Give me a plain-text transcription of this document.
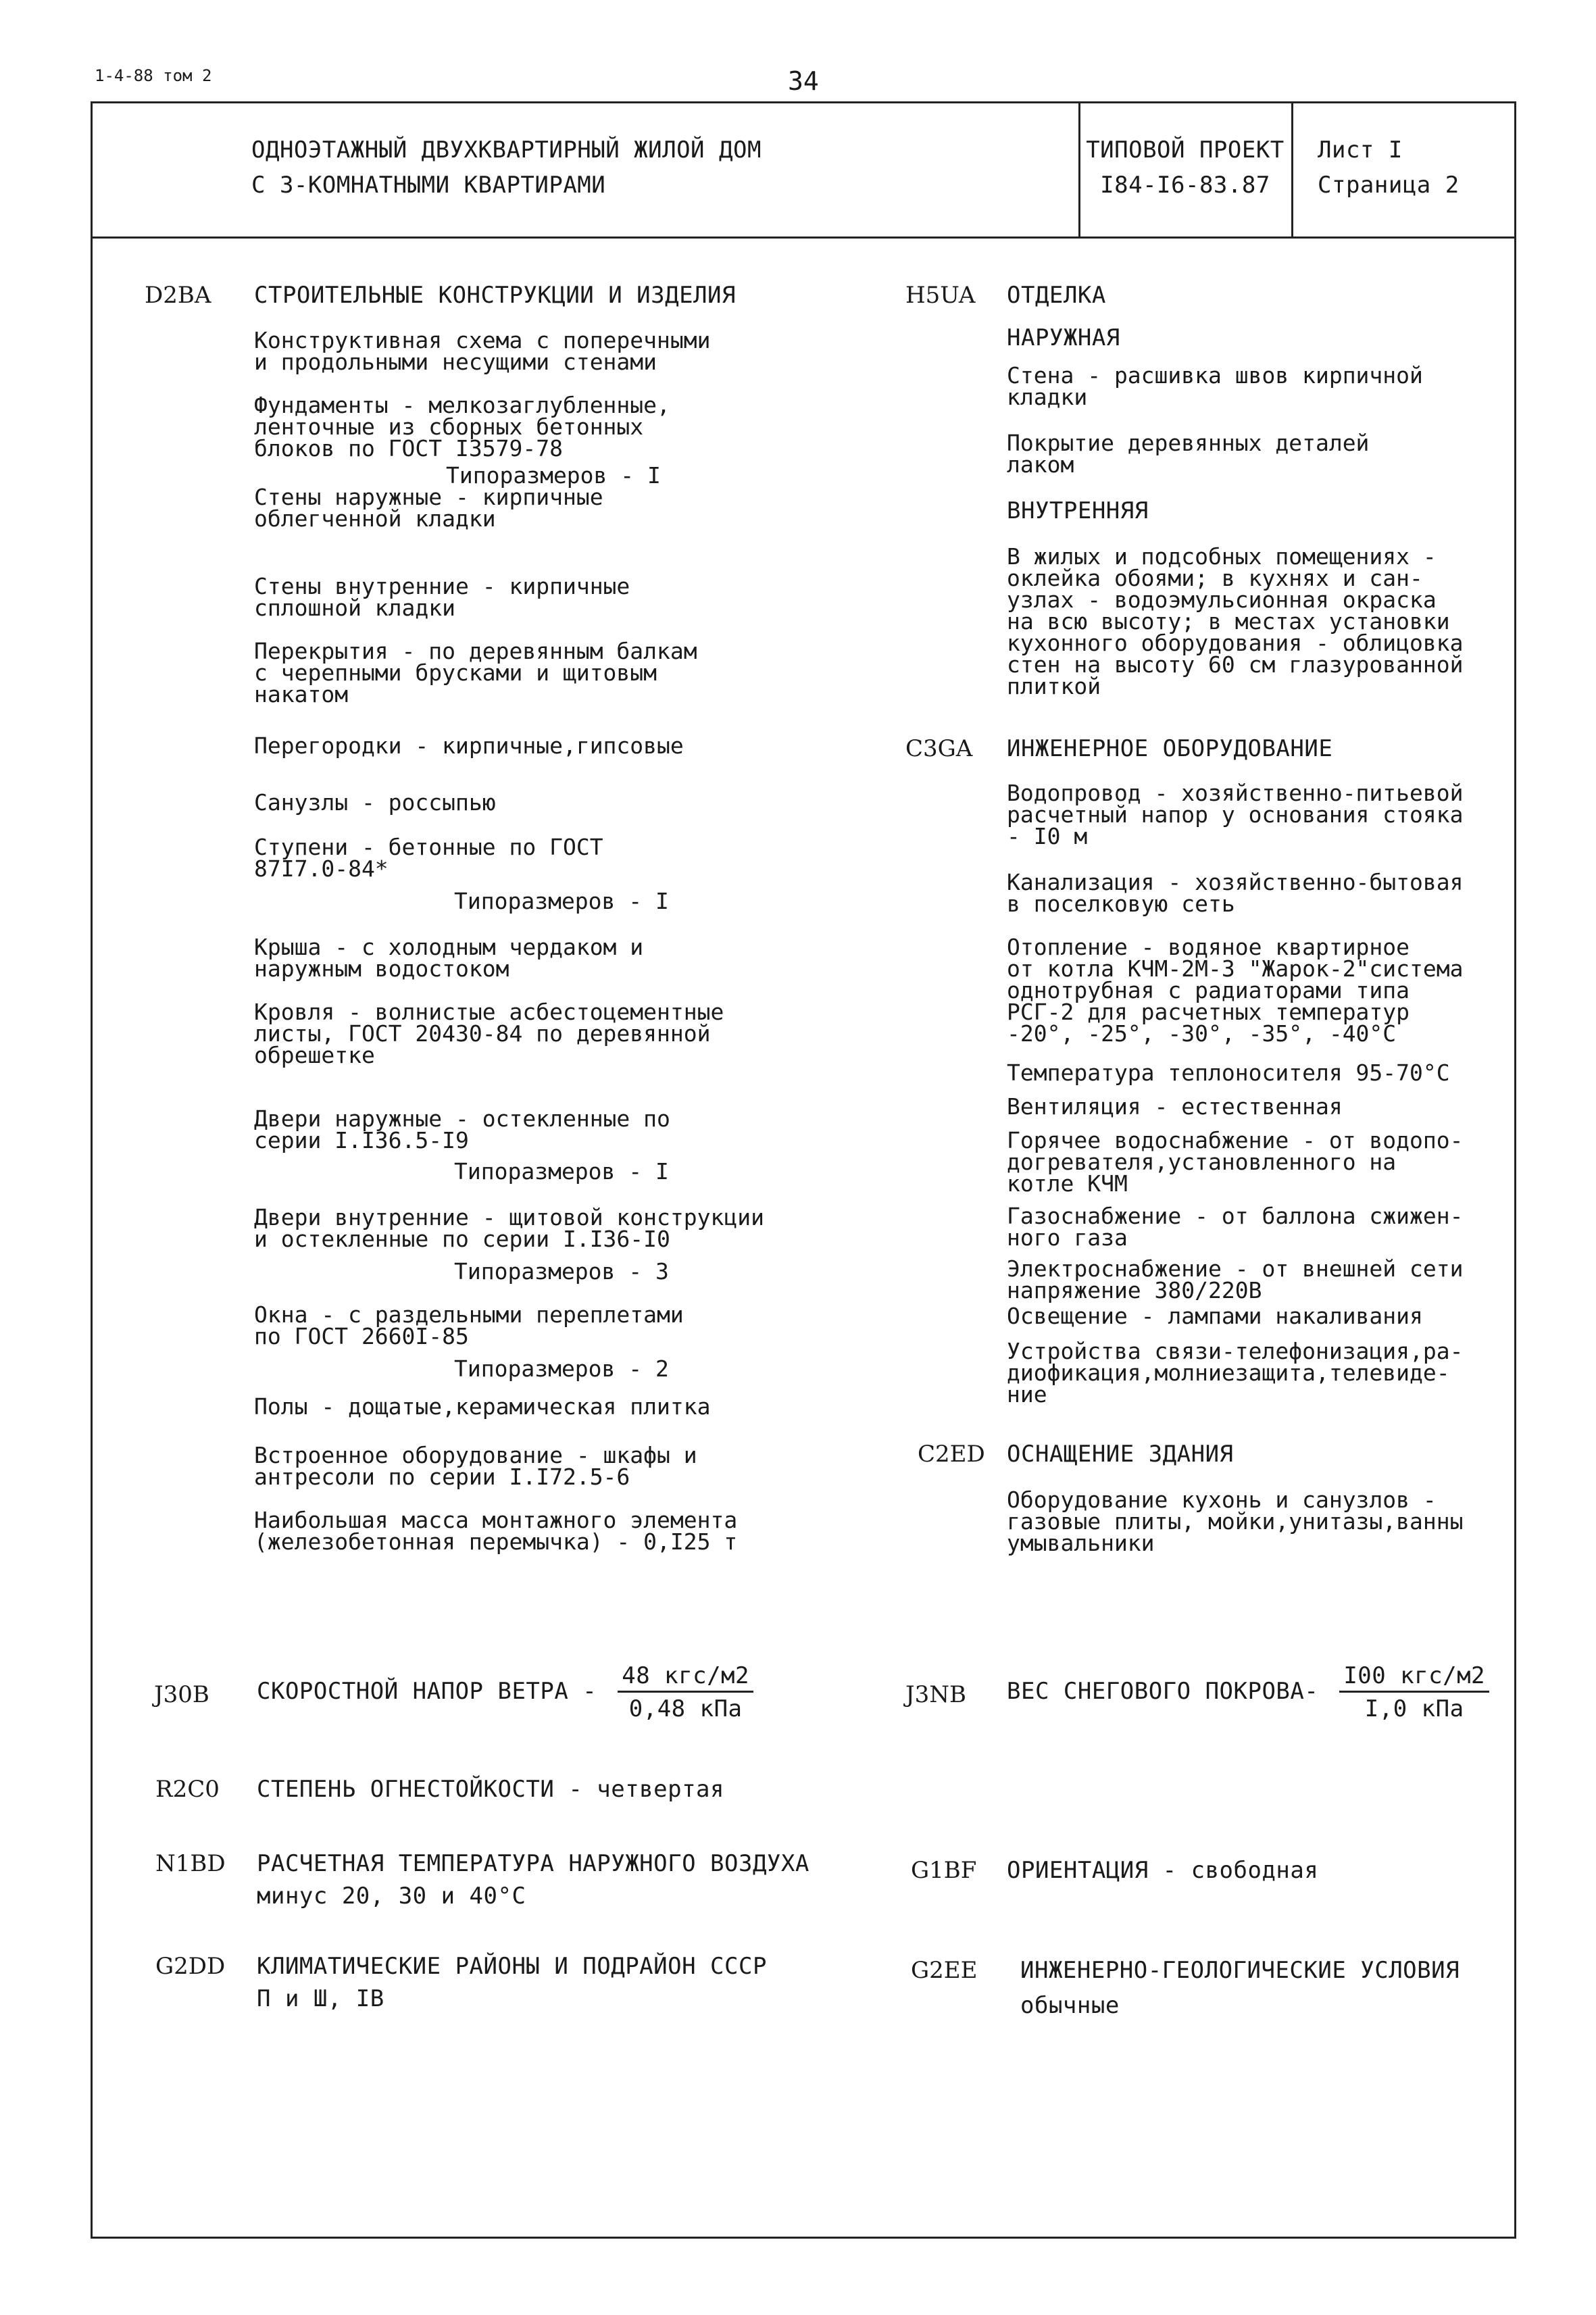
1-4-88 том 2	34
ОДНОЭТАЖНЫЙ ДВУХКВАРТИРНЫЙ ЖИЛОЙ ДОМ
С 3-КОМНАТНЫМИ КВАРТИРАМИ
ТИПОВОЙ ПРОЕКТ
I84-I6-83.87
Лист I
Страница 2
D2BA СТРОИТЕЛЬНЫЕ КОНСТРУКЦИИ И ИЗДЕЛИЯ
Конструктивная схема с поперечными
и продольными несущими стенами
Фундаменты - мелкозаглубленные,
ленточные из сборных бетонных
блоков по ГОСТ I3579-78
Типоразмеров - I
Стены наружные - кирпичные
облегченной кладки
Стены внутренние - кирпичные
сплошной кладки
Перекрытия - по деревянным балкам
с черепными брусками и щитовым
накатом
Перегородки - кирпичные,гипсовые
Санузлы - россыпью
Ступени - бетонные по ГОСТ
87I7.0-84*
Типоразмеров - I
Крыша - с холодным чердаком и
наружным водостоком
Кровля - волнистые асбестоцементные
листы, ГОСТ 20430-84 по деревянной
обрешетке
Двери наружные - остекленные по
серии I.I36.5-I9
Типоразмеров - I
Двери внутренние - щитовой конструкции
и остекленные по серии I.I36-I0
Типоразмеров - 3
Окна - с раздельными переплетами
по ГОСТ 2660I-85
Типоразмеров - 2
Полы - дощатые,керамическая плитка
Встроенное оборудование - шкафы и
антресоли по серии I.I72.5-6
Наибольшая масса монтажного элемента
(железобетонная перемычка) - 0,I25 т
H5UA ОТДЕЛКА
НАРУЖНАЯ
Стена - расшивка швов кирпичной
кладки
Покрытие деревянных деталей
лаком
ВНУТРЕННЯЯ
В жилых и подсобных помещениях -
оклейка обоями; в кухнях и сан-
узлах - водоэмульсионная окраска
на всю высоту; в местах установки
кухонного оборудования - облицовка
стен на высоту 60 см глазурованной
плиткой
C3GA ИНЖЕНЕРНОЕ ОБОРУДОВАНИЕ
Водопровод - хозяйственно-питьевой
расчетный напор у основания стояка
- I0 м
Канализация - хозяйственно-бытовая
в поселковую сеть
Отопление - водяное квартирное
от котла КЧМ-2М-3 "Жарок-2"система
однотрубная с радиаторами типа
РСГ-2 для расчетных температур
-20°, -25°, -30°, -35°, -40°С
Температура теплоносителя 95-70°С
Вентиляция - естественная
Горячее водоснабжение - от водопо-
догревателя,установленного на
котле КЧМ
Газоснабжение - от баллона сжижен-
ного газа
Электроснабжение - от внешней сети
напряжение 380/220В
Освещение - лампами накаливания
Устройства связи-телефонизация,ра-
диофикация,молниезащита,телевиде-
ние
C2ED ОСНАЩЕНИЕ ЗДАНИЯ
Оборудование кухонь и санузлов -
газовые плиты, мойки,унитазы,ванны
умывальники
J30B СКОРОСТНОЙ НАПОР ВЕТРА - $\frac{\text{48 кгс/м2}}{\text{0,48 кПа}}$	J3NB ВЕС СНЕГОВОГО ПОКРОВА- $\frac{\text{I00 кгс/м2}}{\text{I,0 кПа}}$
R2C0 СТЕПЕНЬ ОГНЕСТОЙКОСТИ - четвертая
N1BD РАСЧЕТНАЯ ТЕМПЕРАТУРА НАРУЖНОГО ВОЗДУХА
минус 20, 30 и 40°С
G1BF ОРИЕНТАЦИЯ - свободная
G2DD КЛИМАТИЧЕСКИЕ РАЙОНЫ И ПОДРАЙОН СССР
П и Ш, IВ
G2EE ИНЖЕНЕРНО-ГЕОЛОГИЧЕСКИЕ УСЛОВИЯ
обычные
